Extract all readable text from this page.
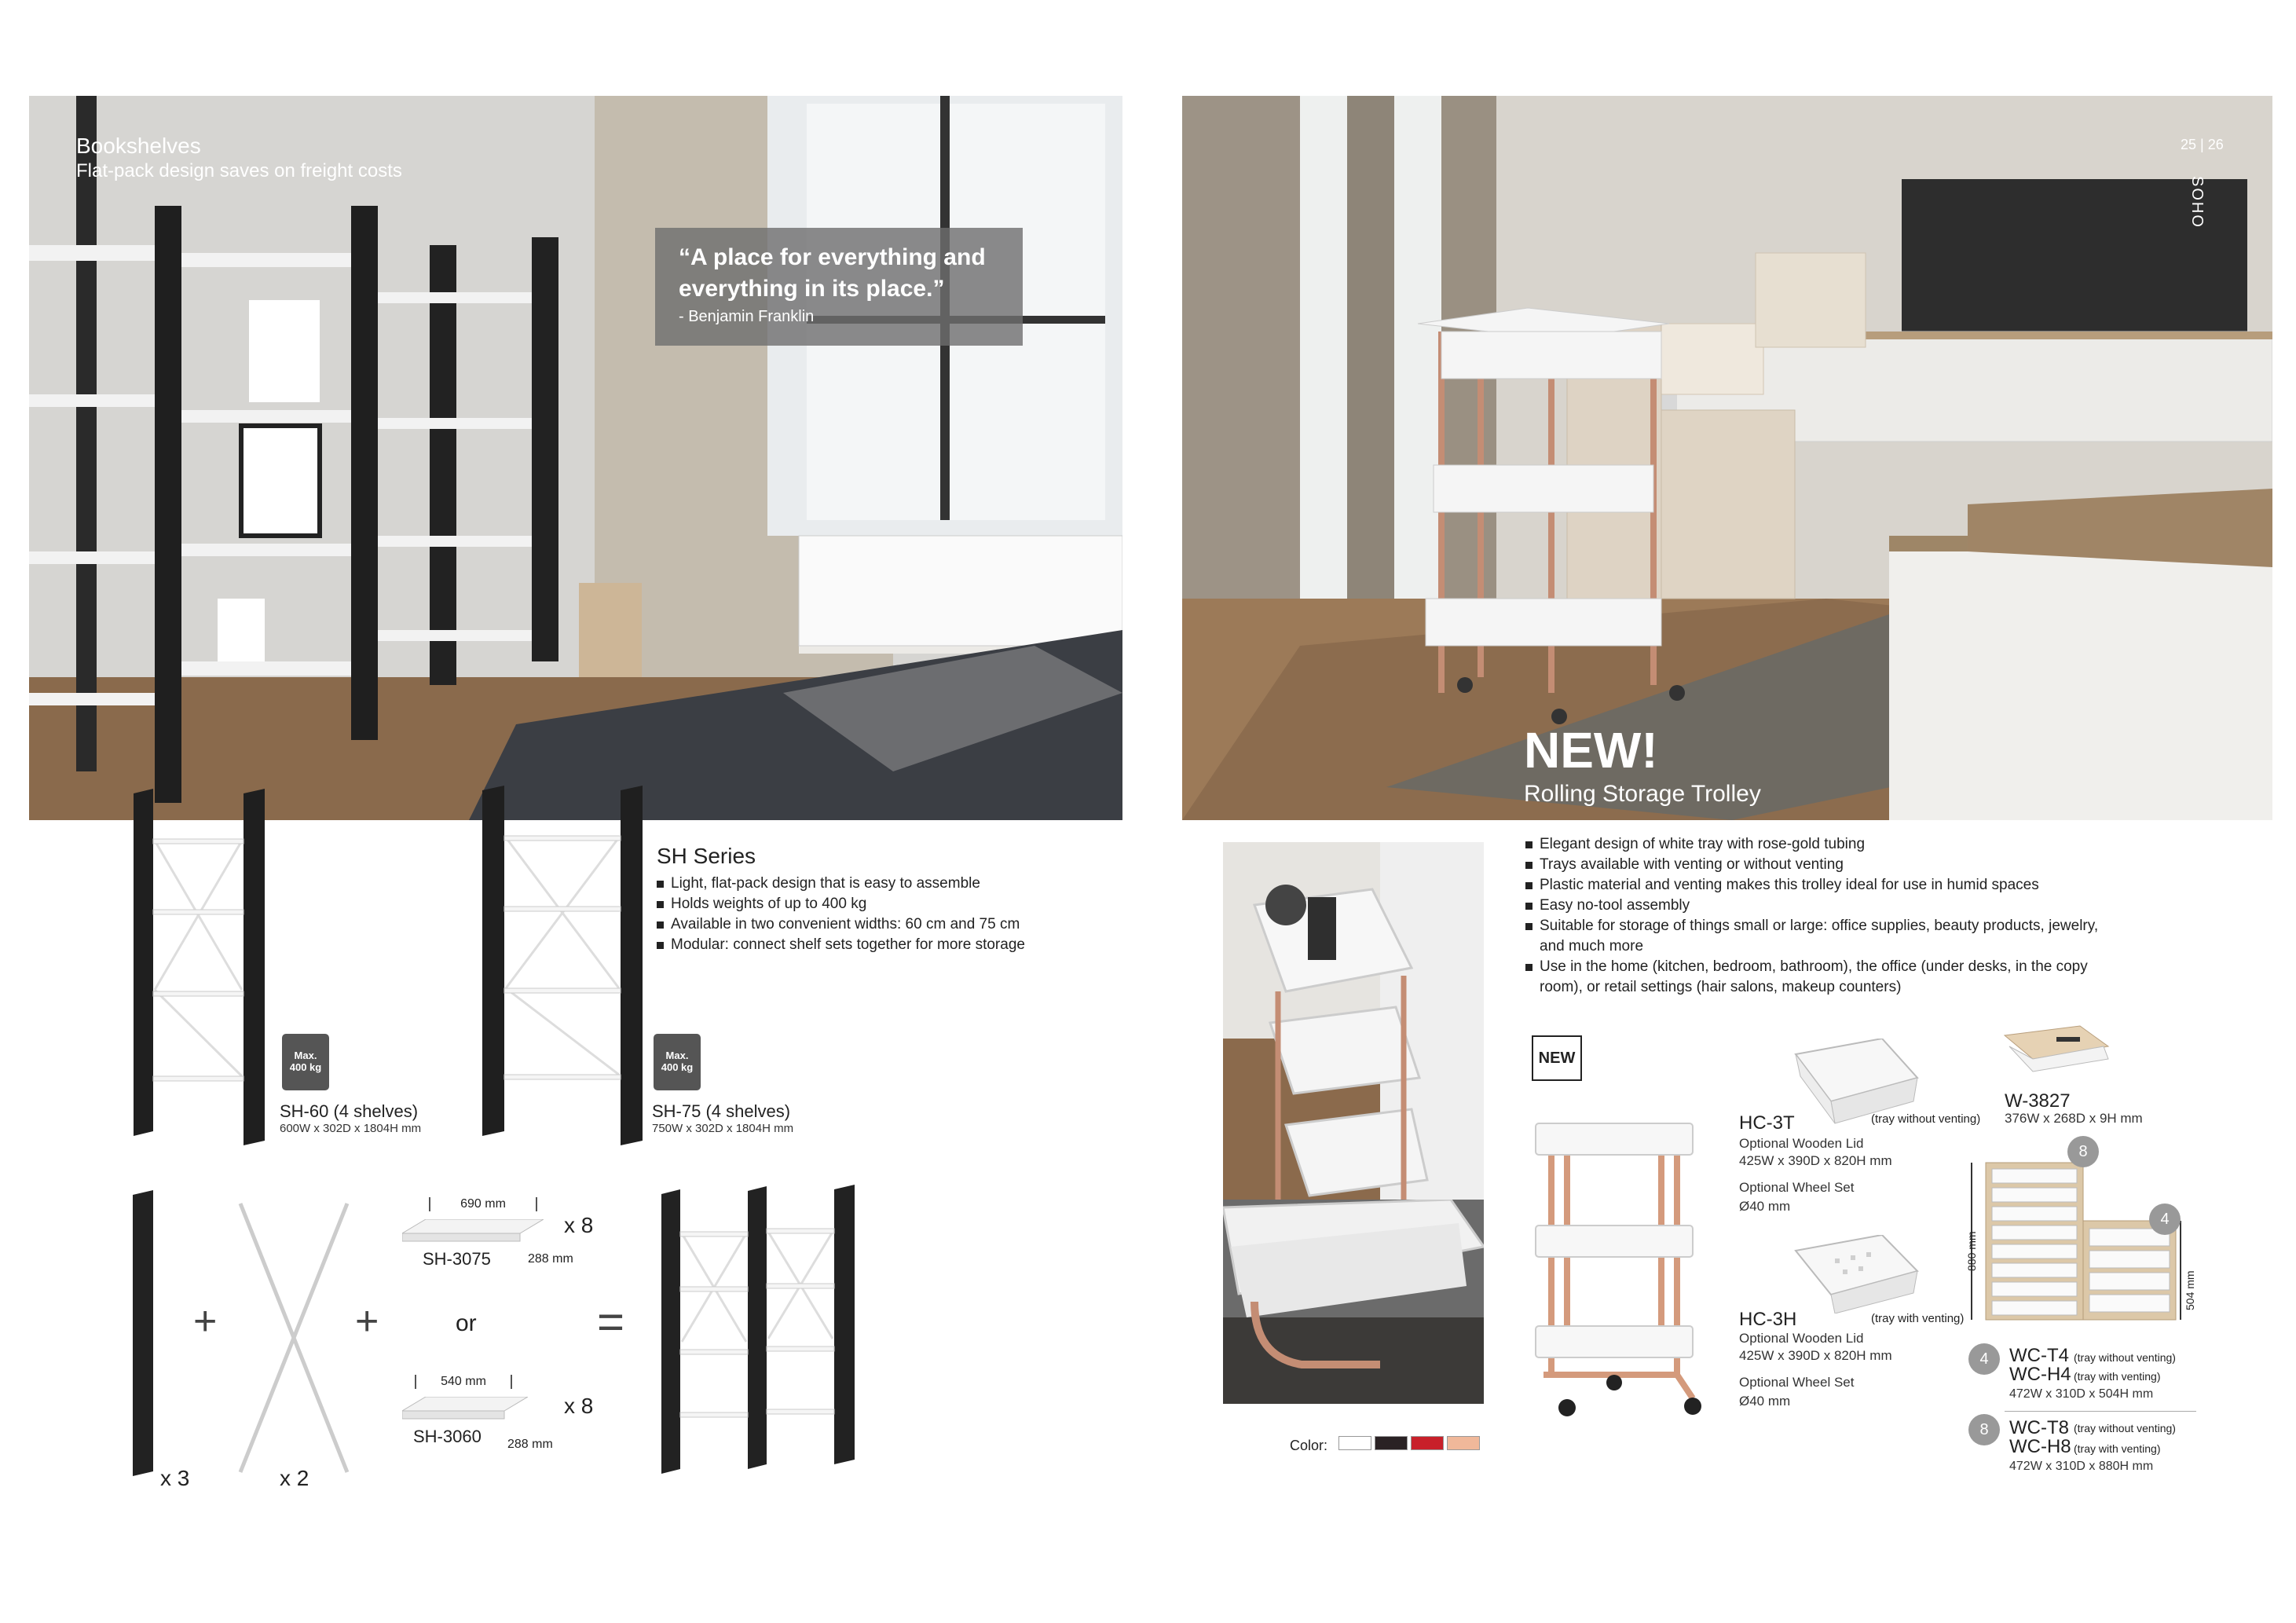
Bookshelves
Flat-pack design saves on freight costs
“A place for everything and everything in its place.”
- Benjamin Franklin
Max.
400 kg
SH-60 (4 shelves)
600W x 302D x 1804H mm
Max.
400 kg
SH-75 (4 shelves)
750W x 302D x 1804H mm
SH Series
Light, flat-pack design that is easy to assemble
Holds weights of up to 400 kg
Available in two convenient widths: 60 cm and 75 cm
Modular: connect shelf sets together for more storage
x 3
+
x 2
+
690 mm
SH-3075	288 mm
x 8
or
540 mm
SH-3060 288 mm
x 8
=
25 | 26
SOHO
NEW!
Rolling Storage Trolley
Color:
Elegant design of white tray with rose-gold tubing
Trays available with venting or without venting
Plastic material and venting makes this trolley ideal for use in humid spaces
Easy no-tool assembly
Suitable for storage of things small or large: office supplies, beauty products, jewelry, and much more
Use in the home (kitchen, bedroom, bathroom), the office (under desks, in the copy room), or retail settings (hair salons, makeup counters)
NEW
(tray without venting)
HC-3T
Optional Wooden Lid
425W x 390D x 820H mm
Optional Wheel Set
Ø40 mm
(tray with venting)
HC-3H
Optional Wooden Lid
425W x 390D x 820H mm
Optional Wheel Set
Ø40 mm
W-3827
376W x 268D x 9H mm
8
4
880 mm
504 mm
4	WC-T4 (tray without venting)
WC-H4 (tray with venting)
472W x 310D x 504H mm
8	WC-T8 (tray without venting)
WC-H8 (tray with venting)
472W x 310D x 880H mm
